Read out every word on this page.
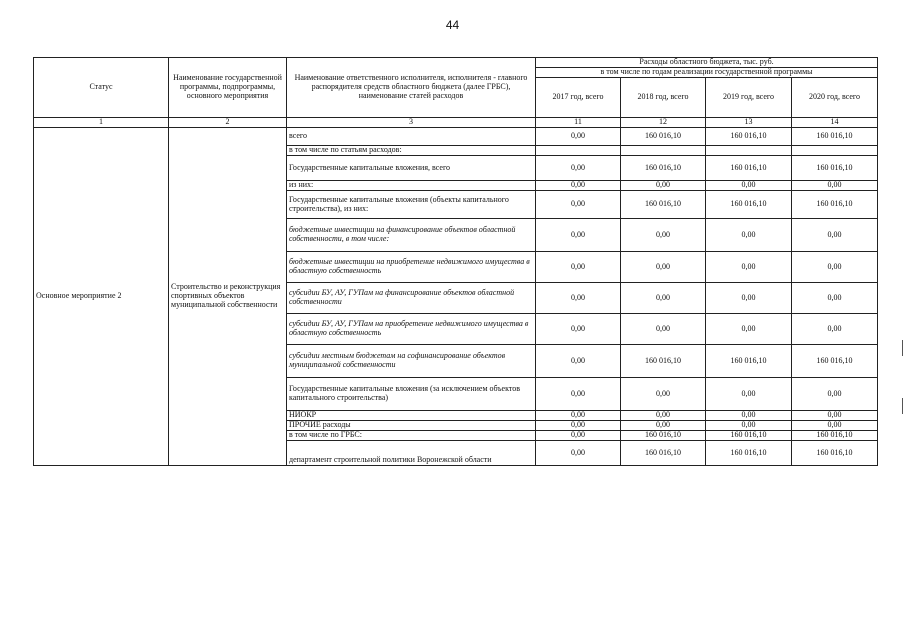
44
Статус	Наименование государственной программы, подпрограммы, основного мероприятия	Наименование ответственного исполнителя, исполнителя - главного распорядителя средств областного бюджета (далее ГРБС), наименование статей расходов	Расходы областного бюджета, тыс. руб.			
			в том числе по годам реализации государственной программы			
			2017 год, всего	2018 год, всего	2019 год, всего	2020 год, всего
1	2	3	11	12	13	14
Основное мероприятие 2	Строительство и реконструкция спортивных объектов муниципальной собственности	всего	0,00	160 016,10	160 016,10	160 016,10
		в том числе по статьям расходов:				
		Государственные капитальные вложения, всего	0,00	160 016,10	160 016,10	160 016,10
		из них:	0,00	0,00	0,00	0,00
		Государственные капитальные вложения (объекты капитального строительства), из них:	0,00	160 016,10	160 016,10	160 016,10
		бюджетные инвестиции на финансирование объектов областной собственности, в том числе:	0,00	0,00	0,00	0,00
		бюджетные инвестиции на приобретение недвижимого имущества в областную собственность	0,00	0,00	0,00	0,00
		субсидии БУ, АУ, ГУПам на финансирование объектов областной собственности	0,00	0,00	0,00	0,00
		субсидии БУ, АУ, ГУПам на приобретение недвижимого имущества в областную собственность	0,00	0,00	0,00	0,00
		субсидии местным бюджетам на софинансирование объектов муниципальной собственности	0,00	160 016,10	160 016,10	160 016,10
		Государственные капитальные вложения (за исключением объектов капитального строительства)	0,00	0,00	0,00	0,00
		НИОКР	0,00	0,00	0,00	0,00
		ПРОЧИЕ расходы	0,00	0,00	0,00	0,00
		в том числе по ГРБС:	0,00	160 016,10	160 016,10	160 016,10
		департамент строительной политики Воронежской области	0,00	160 016,10	160 016,10	160 016,10
